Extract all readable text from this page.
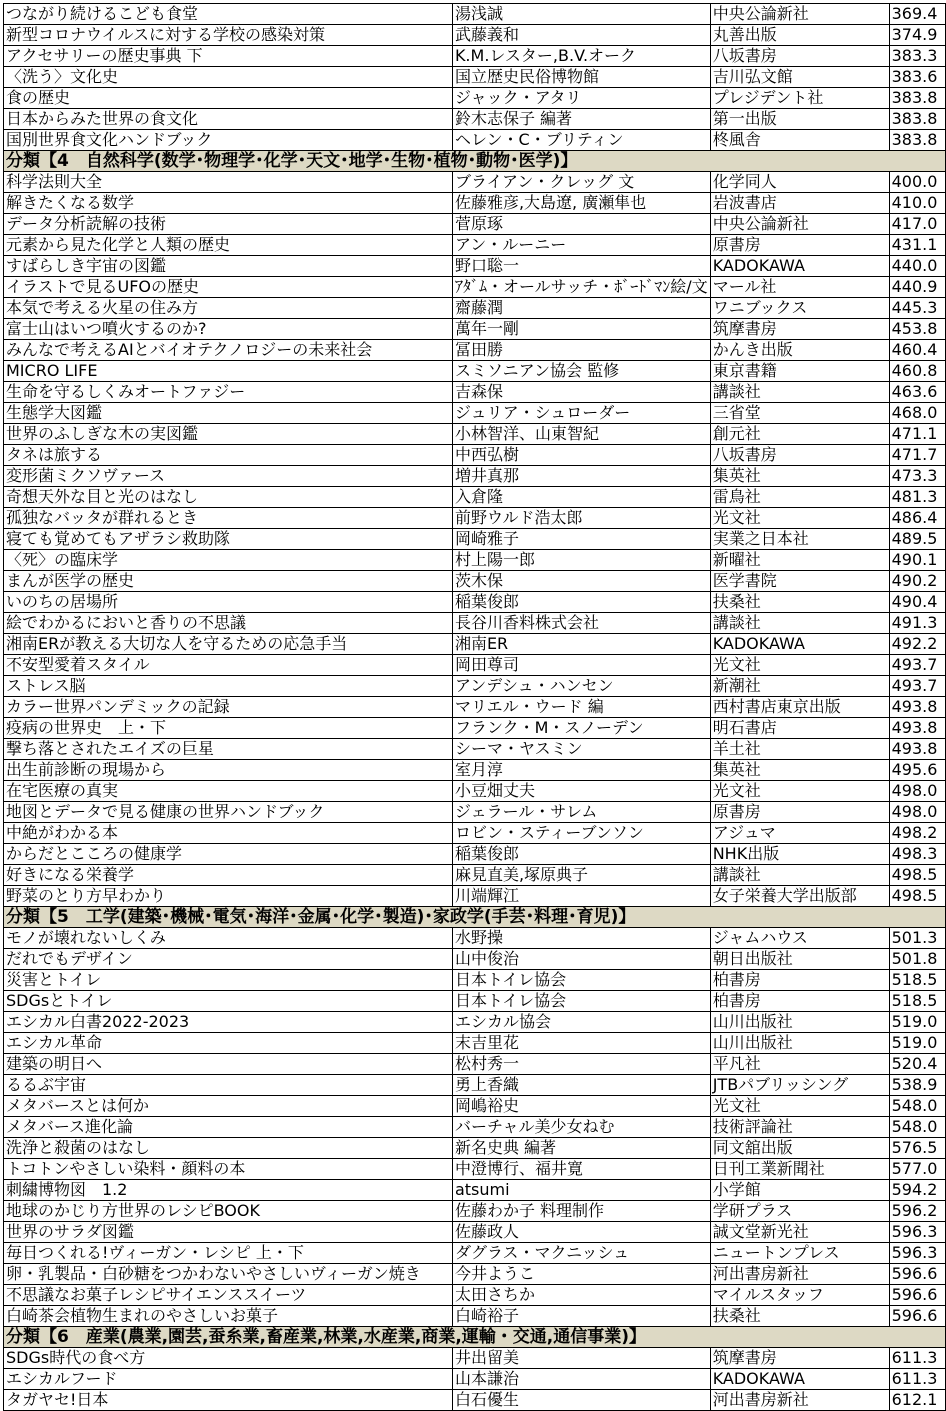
つながり続けるこども食堂	湯浅誠	中央公論新社	369.4
新型コロナウイルスに対する学校の感染対策	武藤義和	丸善出版	374.9
アクセサリーの歴史事典 下	K.M.レスター,B.V.オーク	八坂書房	383.3
〈洗う〉文化史	国立歴史民俗博物館	吉川弘文館	383.6
食の歴史	ジャック・アタリ	プレジデント社	383.8
日本からみた世界の食文化	鈴木志保子 編著	第一出版	383.8
国別世界食文化ハンドブック	ヘレン・C・ブリティン	柊風舎	383.8
分類【4　自然科学(数学･物理学･化学･天文･地学･生物･植物･動物･医学)】			
科学法則大全	ブライアン・クレッグ 文	化学同人	400.0
解きたくなる数学	佐藤雅彦,大島遼, 廣瀬隼也	岩波書店	410.0
データ分析読解の技術	菅原琢	中央公論新社	417.0
元素から見た化学と人類の歴史	アン・ルーニー	原書房	431.1
すばらしき宇宙の図鑑	野口聡一	KADOKAWA	440.0
イラストで見るUFOの歴史	ｱﾀﾞﾑ・オールサッチ・ﾎﾞｰﾄﾞﾏﾝ絵/文	マール社	440.9
本気で考える火星の住み方	齋藤潤	ワニブックス	445.3
富士山はいつ噴火するのか?	萬年一剛	筑摩書房	453.8
みんなで考えるAIとバイオテクノロジーの未来社会	冨田勝	かんき出版	460.4
MICRO LIFE	スミソニアン協会 監修	東京書籍	460.8
生命を守るしくみオートファジー	吉森保	講談社	463.6
生態学大図鑑	ジュリア・シュローダー	三省堂	468.0
世界のふしぎな木の実図鑑	小林智洋、山東智紀	創元社	471.1
タネは旅する	中西弘樹	八坂書房	471.7
変形菌ミクソヴァース	増井真那	集英社	473.3
奇想天外な目と光のはなし	入倉隆	雷鳥社	481.3
孤独なバッタが群れるとき	前野ウルド浩太郎	光文社	486.4
寝ても覚めてもアザラシ救助隊	岡崎雅子	実業之日本社	489.5
〈死〉の臨床学	村上陽一郎	新曜社	490.1
まんが医学の歴史	茨木保	医学書院	490.2
いのちの居場所	稲葉俊郎	扶桑社	490.4
絵でわかるにおいと香りの不思議	長谷川香料株式会社	講談社	491.3
湘南ERが教える大切な人を守るための応急手当	湘南ER	KADOKAWA	492.2
不安型愛着スタイル	岡田尊司	光文社	493.7
ストレス脳	アンデシュ・ハンセン	新潮社	493.7
カラー世界パンデミックの記録	マリエル・ウード 編	西村書店東京出版	493.8
疫病の世界史　上・下	フランク・M・スノーデン	明石書店	493.8
撃ち落とされたエイズの巨星	シーマ・ヤスミン	羊土社	493.8
出生前診断の現場から	室月淳	集英社	495.6
在宅医療の真実	小豆畑丈夫	光文社	498.0
地図とデータで見る健康の世界ハンドブック	ジェラール・サレム	原書房	498.0
中絶がわかる本	ロビン・スティーブンソン	アジュマ	498.2
からだとこころの健康学	稲葉俊郎	NHK出版	498.3
好きになる栄養学	麻見直美,塚原典子	講談社	498.5
野菜のとり方早わかり	川端輝江	女子栄養大学出版部	498.5
分類【5　工学(建築･機械･電気･海洋･金属･化学･製造)･家政学(手芸･料理･育児)】			
モノが壊れないしくみ	水野操	ジャムハウス	501.3
だれでもデザイン	山中俊治	朝日出版社	501.8
災害とトイレ	日本トイレ協会	柏書房	518.5
SDGsとトイレ	日本トイレ協会	柏書房	518.5
エシカル白書2022-2023	エシカル協会	山川出版社	519.0
エシカル革命	末吉里花	山川出版社	519.0
建築の明日へ	松村秀一	平凡社	520.4
るるぶ宇宙	勇上香織	JTBパブリッシング	538.9
メタバースとは何か	岡嶋裕史	光文社	548.0
メタバース進化論	バーチャル美少女ねむ	技術評論社	548.0
洗浄と殺菌のはなし	新名史典 編著	同文舘出版	576.5
トコトンやさしい染料・顔料の本	中澄博行、福井寛	日刊工業新聞社	577.0
刺繍博物図　1.2	atsumi	小学館	594.2
地球のかじり方世界のレシピBOOK	佐藤わか子 料理制作	学研プラス	596.2
世界のサラダ図鑑	佐藤政人	誠文堂新光社	596.3
毎日つくれる!ヴィーガン・レシピ 上・下	ダグラス・マクニッシュ	ニュートンプレス	596.3
卵・乳製品・白砂糖をつかわないやさしいヴィーガン焼き	今井ようこ	河出書房新社	596.6
不思議なお菓子レシピサイエンススイーツ	太田さちか	マイルスタッフ	596.6
白崎茶会植物生まれのやさしいお菓子	白崎裕子	扶桑社	596.6
分類【6　産業(農業,園芸,蚕糸業,畜産業,林業,水産業,商業,運輸・交通,通信事業)】			
SDGs時代の食べ方	井出留美	筑摩書房	611.3
エシカルフード	山本謙治	KADOKAWA	611.3
タガヤセ!日本	白石優生	河出書房新社	612.1
